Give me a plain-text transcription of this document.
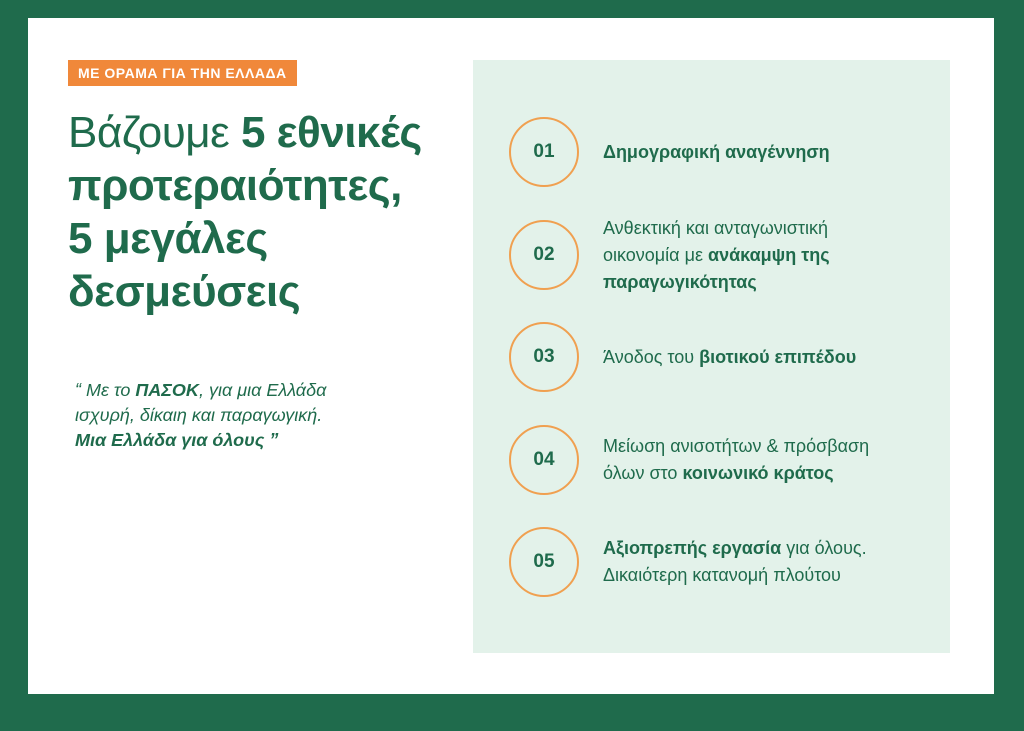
ΜΕ ΟΡΑΜΑ ΓΙΑ ΤΗΝ ΕΛΛΑΔΑ
Βάζουμε 5 εθνικές
προτεραιότητες,
5 μεγάλες
δεσμεύσεις
“ Με το ΠΑΣΟΚ, για μια Ελλάδα
ισχυρή, δίκαιη και παραγωγική.
Μια Ελλάδα για όλους ”
01	Δημογραφική αναγέννηση
02
Ανθεκτική και ανταγωνιστική
οικονομία με ανάκαμψη της
παραγωγικότητας
03	Άνοδος του βιοτικού επιπέδου
04
Μείωση ανισοτήτων & πρόσβαση
όλων στο κοινωνικό κράτος
05
Αξιοπρεπής εργασία για όλους.
Δικαιότερη κατανομή πλούτου
